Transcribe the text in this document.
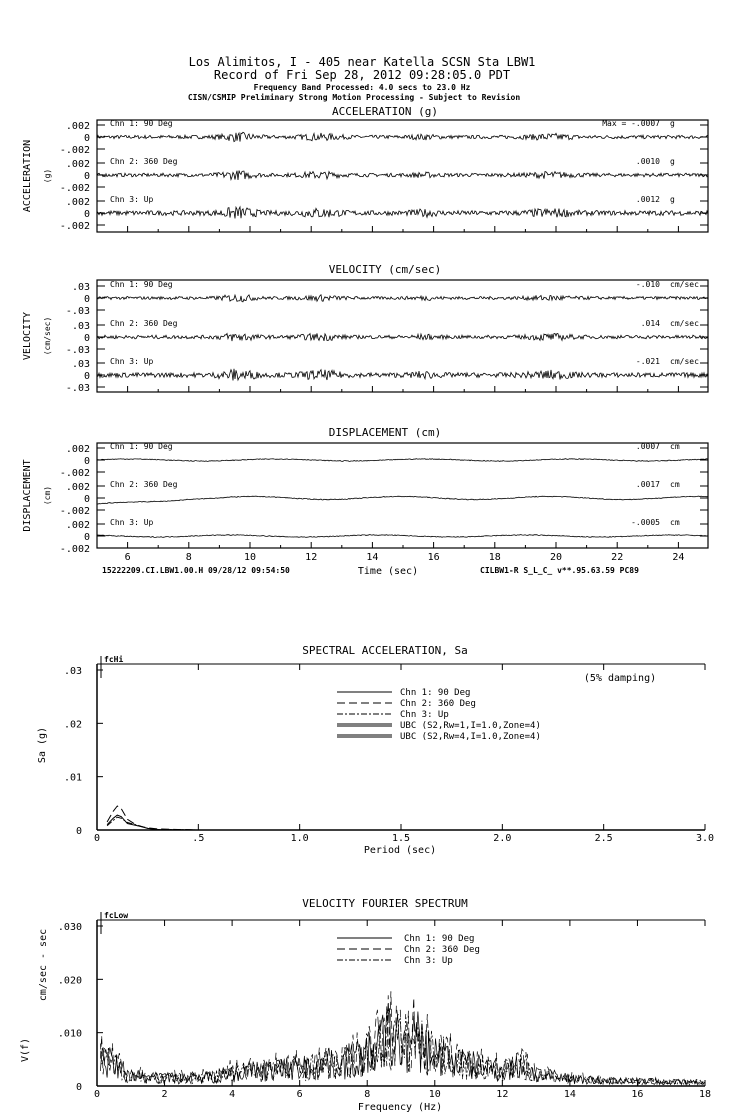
Los Alimitos, I - 405 near Katella SCSN Sta LBW1
Record of Fri Sep 28, 2012 09:28:05.0 PDT
Frequency Band Processed: 4.0 secs to 23.0 Hz
CISN/CSMIP Preliminary Strong Motion Processing - Subject to Revision
15222209.CI.LBW1.00.H 09/28/12 09:54:50	CILBW1-R S_L_C_ v**.95.63.59 PC89
ACCELERATION (g)
ACCELERATION (g)
.002
0
-.002
Chn 1: 90 Deg	Max = -.0007 g
.002
0
-.002
Chn 2: 360 Deg	.0010 g
.002
0
-.002
Chn 3: Up	.0012 g
VELOCITY (cm/sec)
VELOCITY (cm/sec)
.03
0
-.03
Chn 1: 90 Deg	-.010 cm/sec
.03
0
-.03
Chn 2: 360 Deg	.014 cm/sec
.03
0
-.03
Chn 3: Up	-.021 cm/sec
DISPLACEMENT (cm)
DISPLACEMENT (cm)
.002
0
-.002
Chn 1: 90 Deg	.0007 cm
.002
0
-.002
Chn 2: 360 Deg	.0017 cm
.002
0
-.002
Chn 3: Up	-.0005 cm
6	8	10	12	14	16	18	20	22	24
Time (sec)
SPECTRAL ACCELERATION, Sa
fcHi
0	.5	1.0	1.5	2.0	2.5	3.0
.03
.02
.01
0
Period (sec)
Sa (g)
(5% damping)
Chn 1: 90 Deg
Chn 2: 360 Deg
Chn 3: Up
UBC (S2,Rw=1,I=1.0,Zone=4)
UBC (S2,Rw=4,I=1.0,Zone=4)
VELOCITY FOURIER SPECTRUM
fcLow
0	2	4	6	8	10	12	14	16	18
.030
.020
.010
0
Frequency (Hz)
V(f)
cm/sec - sec	Chn 1: 90 Deg
Chn 2: 360 Deg
Chn 3: Up
